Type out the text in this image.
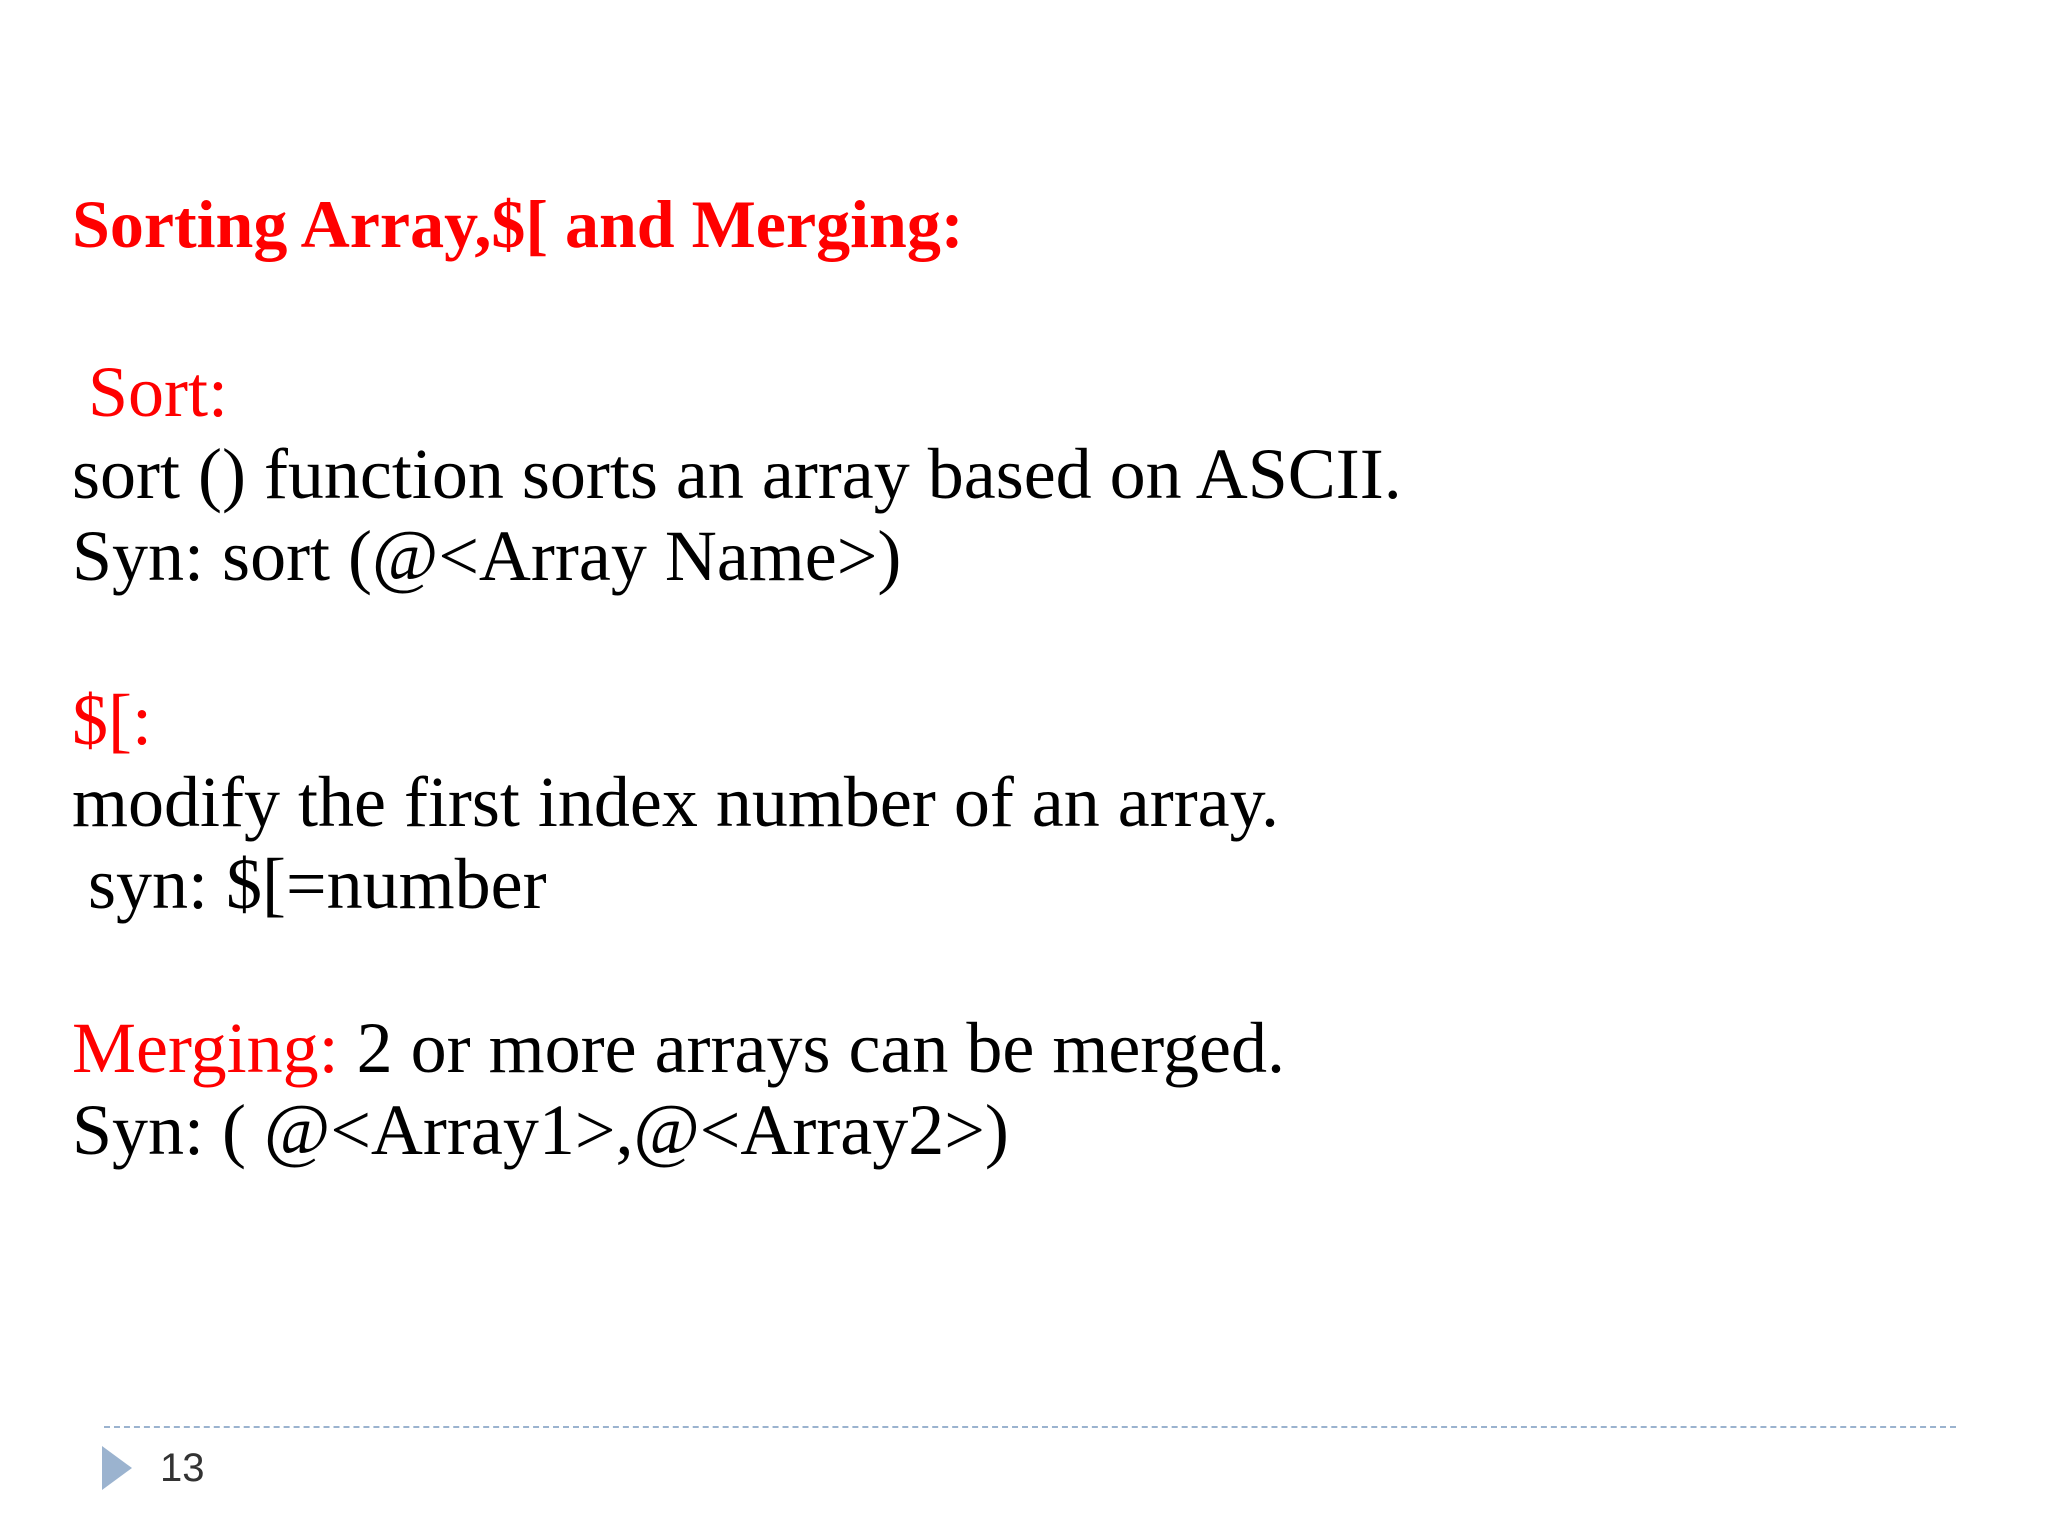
Sorting Array,$[ and Merging:
Sort:
sort () function sorts an array based on ASCII.
Syn: sort (@<Array Name>)
$[:
modify the first index number of an array.
syn: $[=number
Merging: 2 or more arrays can be merged.
Syn: ( @<Array1>,@<Array2>)
13
